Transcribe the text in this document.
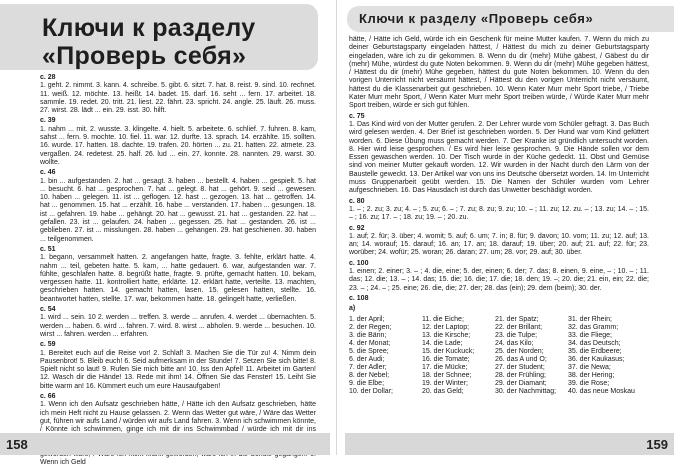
Ключи к разделу
«Проверь себя»
с. 28

1. geht. 2. nimmt. 3. kann. 4. schreibe. 5. gibt. 6. sitzt. 7. hat. 8. reist. 9. sind. 10. rechnet. 11. weiß. 12. möchte. 13. heißt. 14. badet. 15. darf. 16. seht ... fern. 17. arbeitet. 18. sammle. 19. redet. 20. tritt. 21. liest. 22. fährt. 23. spricht. 24. angle. 25. läuft. 26. muss. 27. wirst. 28. lädt ... ein. 29. isst. 30. hilft.

с. 39

1. nahm ... mit. 2. wusste. 3. klingelte. 4. hielt. 5. arbeitete. 6. schlief. 7. fuhren. 8. kam, sahst ... fern. 9. mochte. 10. fiel. 11. war. 12. durfte. 13. sprach. 14. erzählte. 15. sollten. 16. wurde. 17. hatten. 18. dachte. 19. trafen. 20. hörten ... zu. 21. hatten. 22. atmete. 23. vergaßen. 24. redetest. 25. half. 26. lud ... ein. 27. konnte. 28. nannten. 29. warst. 30. wollte.

с. 46

1. bin ... aufgestanden. 2. hat ... gesagt. 3. haben ... bestellt. 4. haben ... gespielt. 5. hat ... besucht. 6. hat ... gesprochen. 7. hat ... gelegt. 8. hat ... gehört. 9. seid ... gewesen. 10. haben ... gelegen. 11. ist ... geflogen. 12. hast ... gezogen. 13. hat ... getroffen. 14. hat ... genommen. 15. hat ... erzählt. 16. habe ... verstanden. 17. haben ... gesungen. 18. ist ... gefahren. 19. habe ... gehängt. 20. hat ... gewusst. 21. hat ... gestanden. 22. hat ... gefallen. 23. ist ... gelaufen. 24. haben ... gegessen. 25. hat ... gestanden. 26. ist ... geblieben. 27. ist ... misslungen. 28. haben ... gehangen. 29. hat geschienen. 30. haben ... teilgenommen.

с. 51

1. begann, versammelt hatten. 2. angefangen hatte, fragte. 3. fehlte, erklärt hatte. 4. nahm ... teil, gebeten hatte. 5. kam, ... hatte gedauert. 6. war, aufgestanden war. 7. fühlte, geschlafen hatte. 8. begrüßt hatte, fragte. 9. prüfte, gemacht hatten. 10. bekam, vergessen hatte. 11. kontrolliert hatte, erklärte. 12. erklärt hatte, verteilte. 13. machten, geschrieben hatten. 14. gemacht hatten, lasen. 15. gelesen hatten, stellte. 16. beantwortet hatten, stellte. 17. war, bekommen hatte. 18. gelingelt hatte, verließen.

с. 54

1. wird ... sein. 10 2. werden ... treffen. 3. werde ... anrufen. 4. werdet ... übernachten. 5. werden ... haben. 6. wird ... fahren. 7. wird. 8. wirst ... abholen. 9. werde ... besuchen. 10. wirst ... fahren. werden ... erfahren.

с. 59

1. Bereitet euch auf die Reise vor! 2. Schlaf! 3. Machen Sie die Tür zu! 4. Nimm dein Pausenbrot! 5. Bleib euch! 6. Seid aufmerksam in der Stunde! 7. Setzen Sie sich bitte! 8. Spielt nicht so laut! 9. Rufen Sie mich bitte an! 10. Iss den Apfel! 11. Arbeitet im Garten! 12. Wasch dir die Hände! 13. Rede mit ihm! 14. Öffnen Sie das Fenster! 15. Leiht Sie bitte warm an! 16. Kümmert euch um eure Hausaufgaben!

с. 66

1. Wenn ich den Aufsatz geschrieben hätte, / Hätte ich den Aufsatz geschrieben, hätte ich mein Heft nicht zu Hause gelassen. 2. Wenn das Wetter gut wäre, / Wäre das Wetter gut, führen wir aufs Land / würden wir aufs Land fahren. 3. Wenn ich schwimmen könnte, / Könnte ich schwimmen, ginge ich mit dir ins Schwimmbad / würde ich mit dir ins Wenn ich Geld

158
Ключи к разделу «Проверь себя»

hätte, / Hätte ich Geld, würde ich ein Geschenk für meine Mutter kaufen. 7. Wenn du mich zu deiner Geburtstagsparty eingeladen hättest, / Hättest du mich zu deiner Geburtstagsparty eingeladen, wäre ich zu dir gekommen. 8. Wenn du dir (mehr) Mühe gäbest, / Gäbest du dir (mehr) Mühe, würdest du gute Noten bekommen. 9. Wenn du dir (mehr) Mühe gegeben hättest, / Hättest du dir (mehr) Mühe gegeben, hättest du gute Noten bekommen. 10. Wenn du den vorigen Unterricht nicht versäumt hättest, / Hättest du den vorigen Unterricht nicht versäumt, hättest du die Klassenarbeit gut geschrieben. 10. Wenn Kater Murr mehr Sport triebe, / Triebe Kater Murr mehr Sport, / Wenn Kater Murr mehr Sport treiben würde, / Würde Kater Murr mehr Sport treiben, würde er sich gut fühlen.

с. 75

1. Das Kind wird von der Mutter gerufen. 2. Der Lehrer wurde vom Schüler gefragt. 3. Das Buch wird gelesen werden. 4. Der Brief ist geschrieben worden. 5. Der Hund war vom Kind gefüttert worden. 6. Diese Übung muss gemacht werden. 7. Der Kranke ist gründlich untersucht worden. 8. Hier wird leise gesprochen. / Es wird hier leise gesprochen. 9. Die Hände sollen vor dem Essen gewaschen werden. 10. Der Tisch wurde in der Küche gedeckt. 11. Obst und Gemüse sind von meiner Mutter gekauft worden. 12. Wir wurden in der Nacht durch den Lärm von der Baustelle geweckt. 13. Der Artikel war von uns ins Deutsche übersetzt worden. 14. Im Unterricht muss Gruppenarbeit geübt werden. 15. Die Namen der Schüler wurden vom Lehrer aufgeschrieben. 16. Das Hausdach ist durch das Unwetter beschädigt worden.

с. 80

1. – ; 2. zu; 3. zu; 4. – ; 5. zu; 6. – ; 7. zu; 8. zu; 9. zu; 10. – ; 11. zu; 12. zu. – ; 13. zu; 14. – ; 15. – ; 16. zu; 17. – ; 18. zu; 19. – ; 20. zu.

с. 92

1. auf; 2. für; 3. über; 4. womit; 5. auf; 6. um; 7. in; 8. für; 9. davon; 10. vom; 11. zu; 12. auf; 13. an; 14. worauf; 15. darauf; 16. an; 17. an; 18. darauf; 19. über; 20. auf; 21. auf; 22. für; 23. worüber; 24. wofür; 25. woran; 26. daran; 27. um; 28. vor; 29. auf; 30. über.

с. 100

1. einen; 2. einer; 3. – ; 4. die, eine; 5. der, einen; 6. der; 7. das; 8. einen, 9. eine, – ; 10. – ; 11. das; 12. die; 13. – ; 14. das; 15. die; 16. die; 17. die; 18. den; 19. –; 20. die; 21. ein, ein; 22. die; 23. – ; 24. – ; 25. eine; 26. die, die; 27. der; 28. das (ein); 29. dem (beim); 30. der.

с. 108
a)
1. der April;	11. die Eiche;	21. der Spatz;	31. der Rhein;
2. der Regen;	12. der Laptop;	22. der Brillant;	32. das Gramm;
3. die Bärin;	13. die Kirsche;	23. die Tulpe;	33. die Fliege;
4. der Monat;	14. die Lade;	24. das Kilo;	34. das Deutsch;
5. die Spree;	15. der Kuckuck;	25. der Norden;	35. die Erdbeere;
6. der Audi;	16. die Tomate;	26. das A und O;	36. der Kaukasus;
7. der Adler;	17. die Mücke;	27. der Student;	37. die Newa;
8. der Nebel;	18. der Schnee;	28. der Frühling;	38. der Hering;
9. die Elbe;	19. der Winter;	29. der Diamant;	39. die Rose;
10. der Dollar;	20. das Geld;	30. der Nachmittag;	40. das neue Moskau
159
